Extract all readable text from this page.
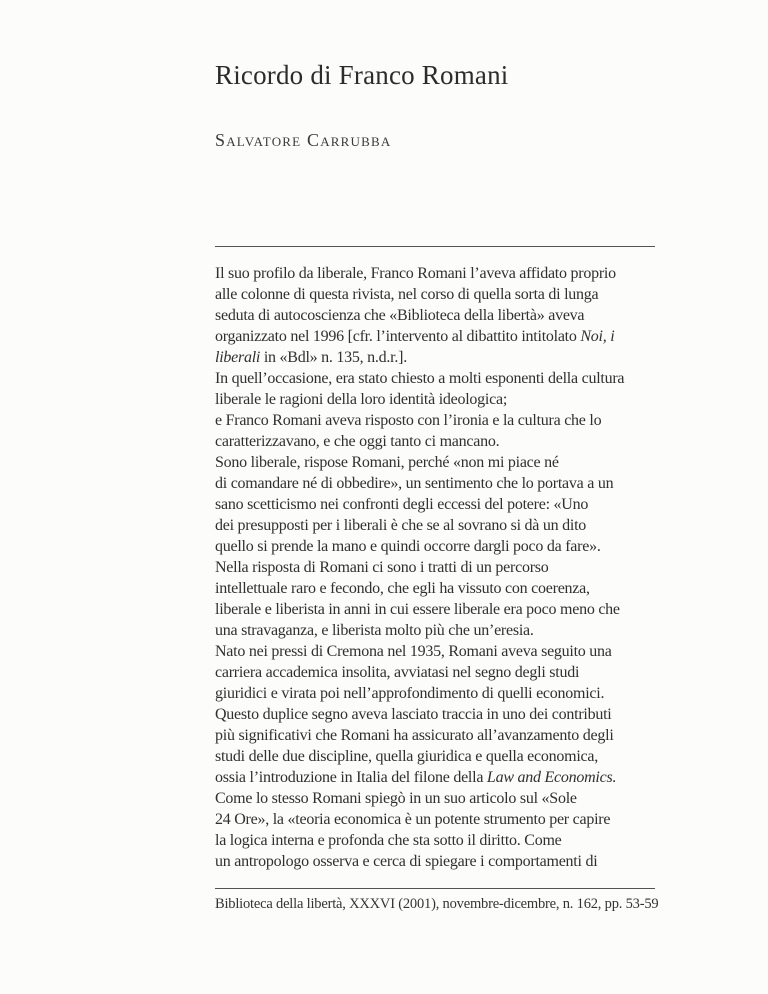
Ricordo di Franco Romani
Salvatore Carrubba
Il suo profilo da liberale, Franco Romani l’aveva affidato proprio
alle colonne di questa rivista, nel corso di quella sorta di lunga
seduta di autocoscienza che «Biblioteca della libertà» aveva
organizzato nel 1996 [cfr. l’intervento al dibattito intitolato Noi, i
liberali in «Bdl» n. 135, n.d.r.].
In quell’occasione, era stato chiesto a molti esponenti della cultura
liberale le ragioni della loro identità ideologica;
e Franco Romani aveva risposto con l’ironia e la cultura che lo
caratterizzavano, e che oggi tanto ci mancano.
Sono liberale, rispose Romani, perché «non mi piace né
di comandare né di obbedire», un sentimento che lo portava a un
sano scetticismo nei confronti degli eccessi del potere: «Uno
dei presupposti per i liberali è che se al sovrano si dà un dito
quello si prende la mano e quindi occorre dargli poco da fare».
Nella risposta di Romani ci sono i tratti di un percorso
intellettuale raro e fecondo, che egli ha vissuto con coerenza,
liberale e liberista in anni in cui essere liberale era poco meno che
una stravaganza, e liberista molto più che un’eresia.
Nato nei pressi di Cremona nel 1935, Romani aveva seguito una
carriera accademica insolita, avviatasi nel segno degli studi
giuridici e virata poi nell’approfondimento di quelli economici.
Questo duplice segno aveva lasciato traccia in uno dei contributi
più significativi che Romani ha assicurato all’avanzamento degli
studi delle due discipline, quella giuridica e quella economica,
ossia l’introduzione in Italia del filone della Law and Economics.
Come lo stesso Romani spiegò in un suo articolo sul «Sole
24 Ore», la «teoria economica è un potente strumento per capire
la logica interna e profonda che sta sotto il diritto. Come
un antropologo osserva e cerca di spiegare i comportamenti di
Biblioteca della libertà, XXXVI (2001), novembre-dicembre, n. 162, pp. 53-59
